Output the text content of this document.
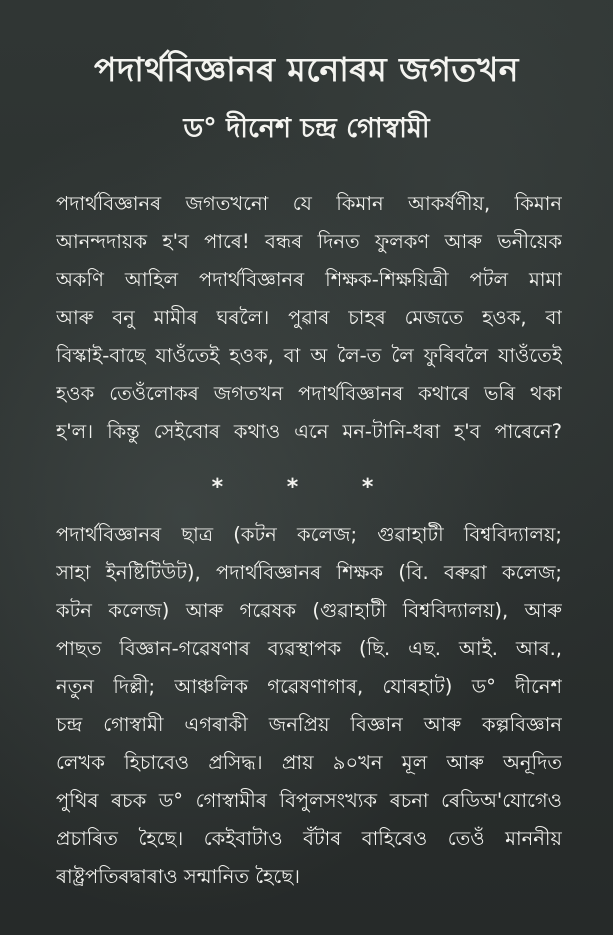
পদাৰ্থবিজ্ঞানৰ মনোৰম জগতখন
ড° দীনেশ চন্দ্ৰ গোস্বামী
পদাৰ্থবিজ্ঞানৰ জগতখনো যে কিমান আকৰ্ষণীয়, কিমান
আনন্দদায়ক হ'ব পাৰে! বন্ধৰ দিনত ফুলকণ আৰু ভনীয়েক
অকণি আহিল পদাৰ্থবিজ্ঞানৰ শিক্ষক-শিক্ষয়িত্ৰী পটল মামা
আৰু বনু মামীৰ ঘৰলৈ। পুৱাৰ চাহৰ মেজতে হওক, বা
বিস্কাই-বাছে যাওঁতেই হওক, বা অ লৈ-ত লৈ ফুৰিবলৈ যাওঁতেই
হওক তেওঁলোকৰ জগতখন পদাৰ্থবিজ্ঞানৰ কথাৰে ভৰি থকা
হ'ল। কিন্তু সেইবোৰ কথাও এনে মন-টানি-ধৰা হ'ব পাৰেনে?
* * *
পদাৰ্থবিজ্ঞানৰ ছাত্ৰ (কটন কলেজ; গুৱাহাটী বিশ্ববিদ্যালয়;
সাহা ইনষ্টিটিউট), পদাৰ্থবিজ্ঞানৰ শিক্ষক (বি. বৰুৱা কলেজ;
কটন কলেজ) আৰু গৱেষক (গুৱাহাটী বিশ্ববিদ্যালয়), আৰু
পাছত বিজ্ঞান-গৱেষণাৰ ব্যৱস্থাপক (ছি. এছ. আই. আৰ.,
নতুন দিল্লী; আঞ্চলিক গৱেষণাগাৰ, যোৰহাট) ড° দীনেশ
চন্দ্ৰ গোস্বামী এগৰাকী জনপ্ৰিয় বিজ্ঞান আৰু কল্পবিজ্ঞান
লেখক হিচাবেও প্ৰসিদ্ধ। প্ৰায় ৯০খন মূল আৰু অনূদিত
পুথিৰ ৰচক ড° গোস্বামীৰ বিপুলসংখ্যক ৰচনা ৰেডিঅ'যোগেও
প্ৰচাৰিত হৈছে। কেইবাটাও বঁটাৰ বাহিৰেও তেওঁ মাননীয়
ৰাষ্ট্ৰপতিৰদ্বাৰাও সন্মানিত হৈছে।
